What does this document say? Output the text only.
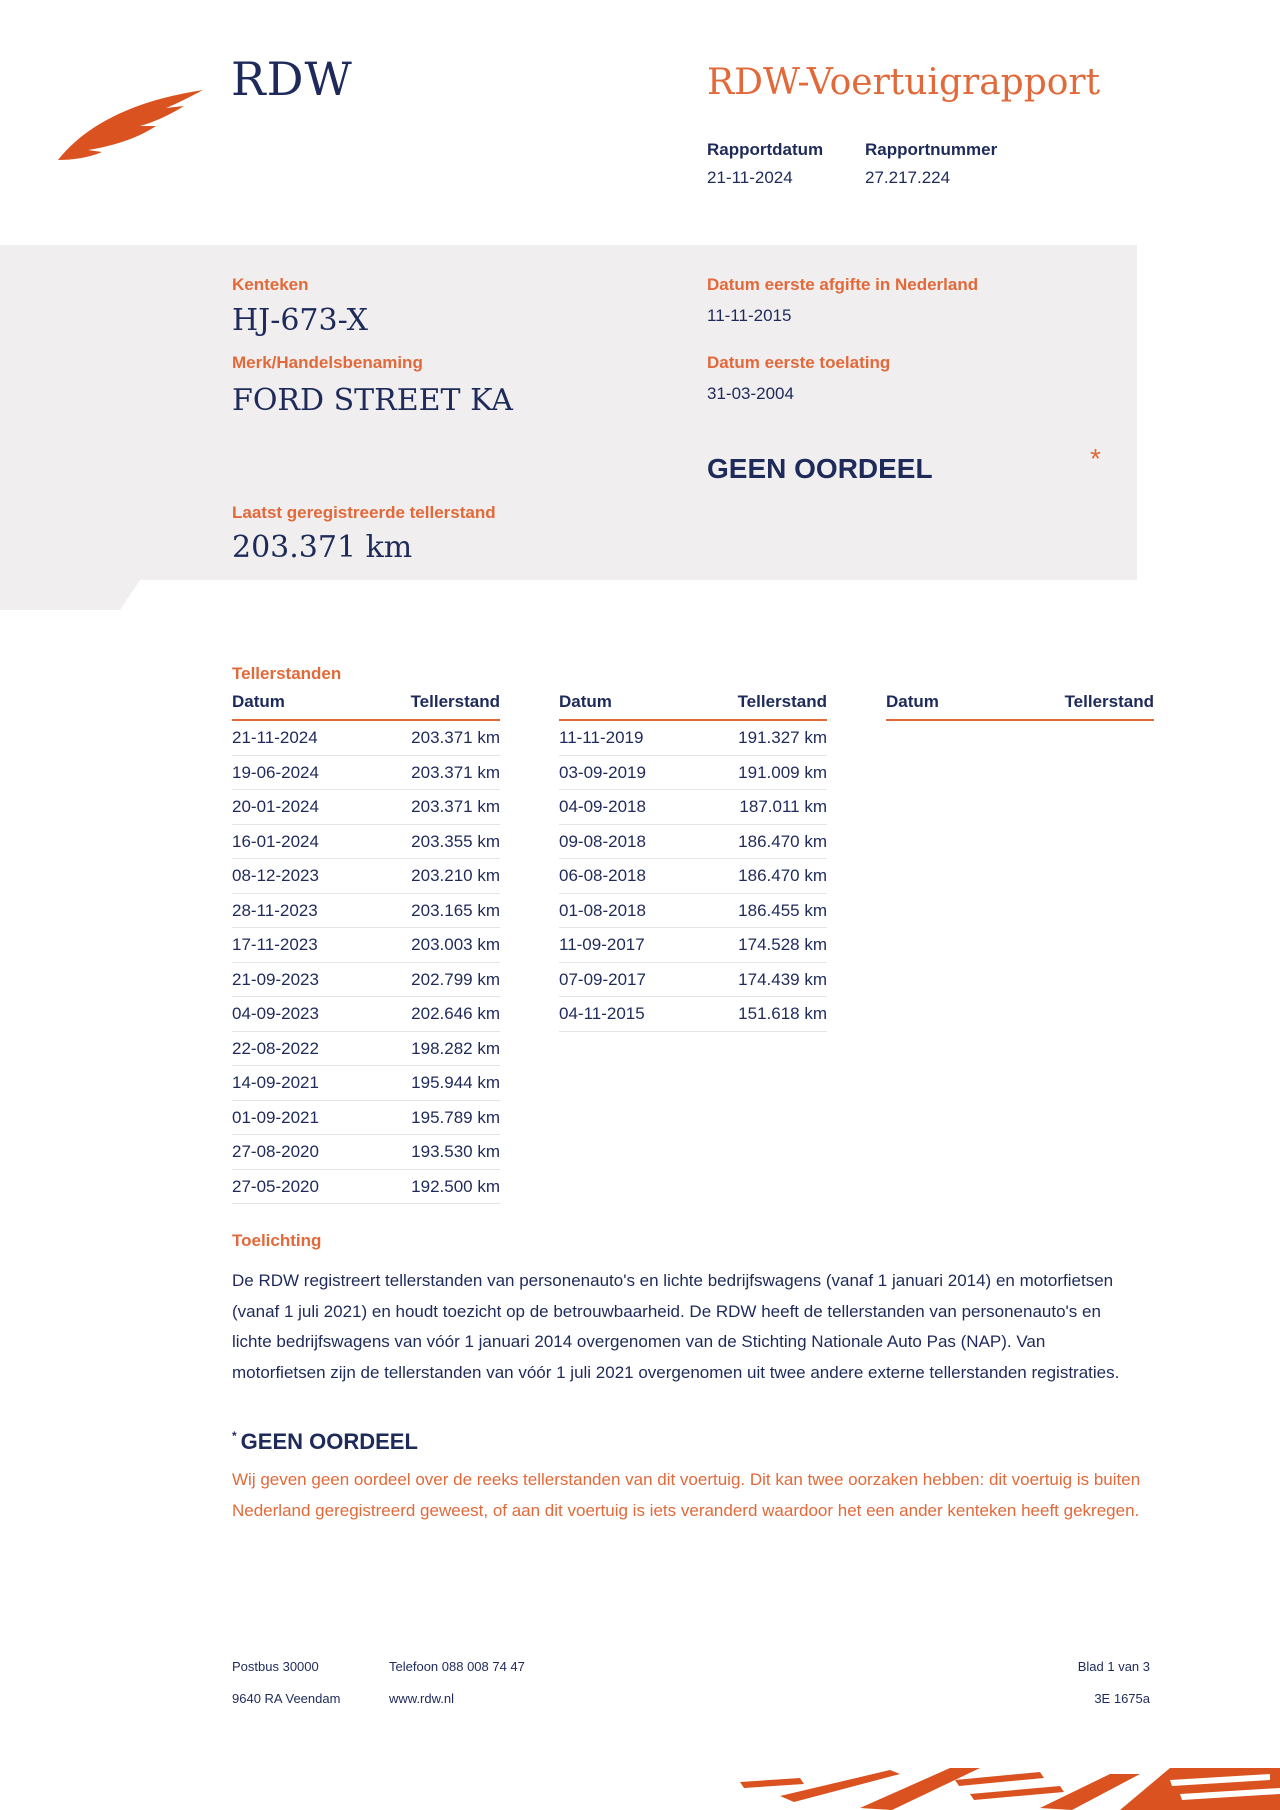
RDW	RDW-Voertuigrapport
Rapportdatum
21-11-2024
Rapportnummer
27.217.224
Kenteken
HJ-673-X
Merk/Handelsbenaming
FORD STREET KA
Datum eerste afgifte in Nederland
11-11-2015
Datum eerste toelating
31-03-2004
GEEN OORDEEL	*
Laatst geregistreerde tellerstand
203.371 km
Tellerstanden
Datum	Tellerstand
21-11-2024	203.371 km
19-06-2024	203.371 km
20-01-2024	203.371 km
16-01-2024	203.355 km
08-12-2023	203.210 km
28-11-2023	203.165 km
17-11-2023	203.003 km
21-09-2023	202.799 km
04-09-2023	202.646 km
22-08-2022	198.282 km
14-09-2021	195.944 km
01-09-2021	195.789 km
27-08-2020	193.530 km
27-05-2020	192.500 km
Datum	Tellerstand
11-11-2019	191.327 km
03-09-2019	191.009 km
04-09-2018	187.011 km
09-08-2018	186.470 km
06-08-2018	186.470 km
01-08-2018	186.455 km
11-09-2017	174.528 km
07-09-2017	174.439 km
04-11-2015	151.618 km
Datum	Tellerstand
Toelichting
De RDW registreert tellerstanden van personenauto's en lichte bedrijfswagens (vanaf 1 januari 2014) en motorfietsen (vanaf 1 juli 2021) en houdt toezicht op de betrouwbaarheid. De RDW heeft de tellerstanden van personenauto's en lichte bedrijfswagens van vóór 1 januari 2014 overgenomen van de Stichting Nationale Auto Pas (NAP). Van motorfietsen zijn de tellerstanden van vóór 1 juli 2021 overgenomen uit twee andere externe tellerstanden registraties.
* GEEN OORDEEL
Wij geven geen oordeel over de reeks tellerstanden van dit voertuig. Dit kan twee oorzaken hebben: dit voertuig is buiten Nederland geregistreerd geweest, of aan dit voertuig is iets veranderd waardoor het een ander kenteken heeft gekregen.
Postbus 30000
9640 RA Veendam
Telefoon 088 008 74 47
www.rdw.nl
Blad 1 van 3
3E 1675a
